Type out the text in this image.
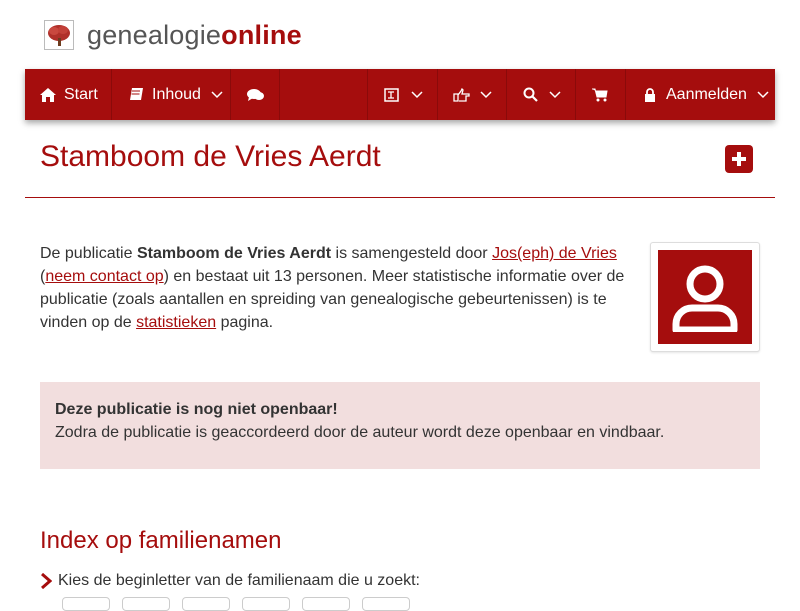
genealogieonline
Start	Inhoud	Aanmelden
Stamboom de Vries Aerdt
De publicatie Stamboom de Vries Aerdt is samengesteld door Jos(eph) de Vries
(neem contact op) en bestaat uit 13 personen. Meer statistische informatie over de publicatie (zoals aantallen en spreiding van genealogische gebeurtenissen) is te vinden op de statistieken pagina.
Deze publicatie is nog niet openbaar!
Zodra de publicatie is geaccordeerd door de auteur wordt deze openbaar en vindbaar.
Index op familienamen
Kies de beginletter van de familienaam die u zoekt:
